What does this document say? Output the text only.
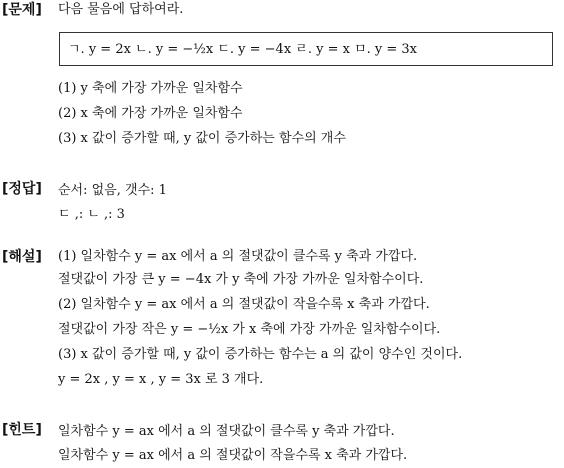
[문제] 다음 물음에 답하여라.

ㄱ. y = 2x ㄴ. y = −½x ㄷ. y = −4x ㄹ. y = x ㅁ. y = 3x

(1) y 축에 가장 가까운 일차함수

(2) x 축에 가장 가까운 일차함수

(3) x 값이 증가할 때, y 값이 증가하는 함수의 개수

[정답] 순서: 없음, 갯수: 1

ㄷ ,: ㄴ ,: 3

[해설] (1) 일차함수 y = ax 에서 a 의 절댓값이 클수록 y 축과 가깝다.

절댓값이 가장 큰 y = −4x 가 y 축에 가장 가까운 일차함수이다.

(2) 일차함수 y = ax 에서 a 의 절댓값이 작을수록 x 축과 가깝다.

절댓값이 가장 작은 y = −½x 가 x 축에 가장 가까운 일차함수이다.

(3) x 값이 증가할 때, y 값이 증가하는 함수는 a 의 값이 양수인 것이다.

y = 2x , y = x , y = 3x 로 3 개다.

[힌트] 일차함수 y = ax 에서 a 의 절댓값이 클수록 y 축과 가깝다.

일차함수 y = ax 에서 a 의 절댓값이 작을수록 x 축과 가깝다.
